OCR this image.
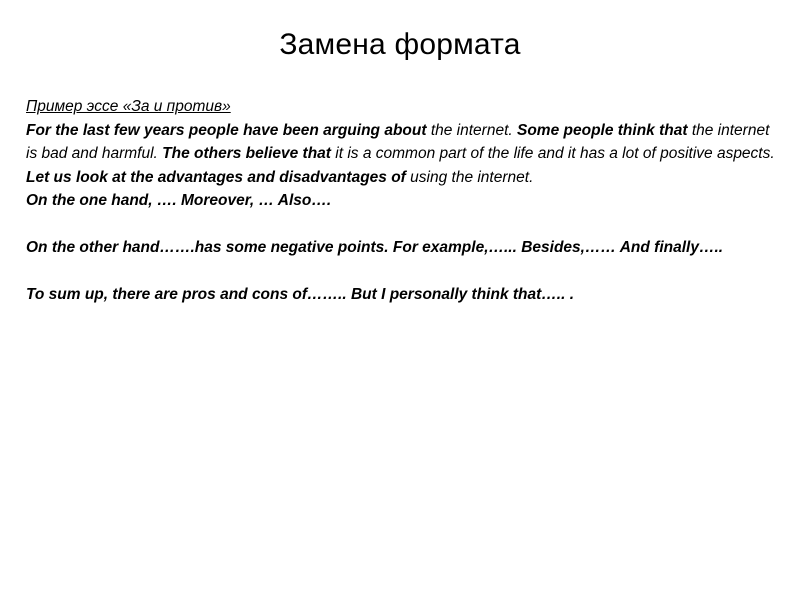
Замена формата

Пример эссе «За и против»

For the last few years people have been arguing about the internet. Some people think that the internet is bad and harmful. The others believe that it is a common part of the life and it has a lot of positive aspects. Let us look at the advantages and disadvantages of using the internet.

On the one hand, …. Moreover, … Also….

On the other hand…….has some negative points. For example,…... Besides,…… And finally…..

To sum up, there are pros and cons of…….. But I personally think that….. .
